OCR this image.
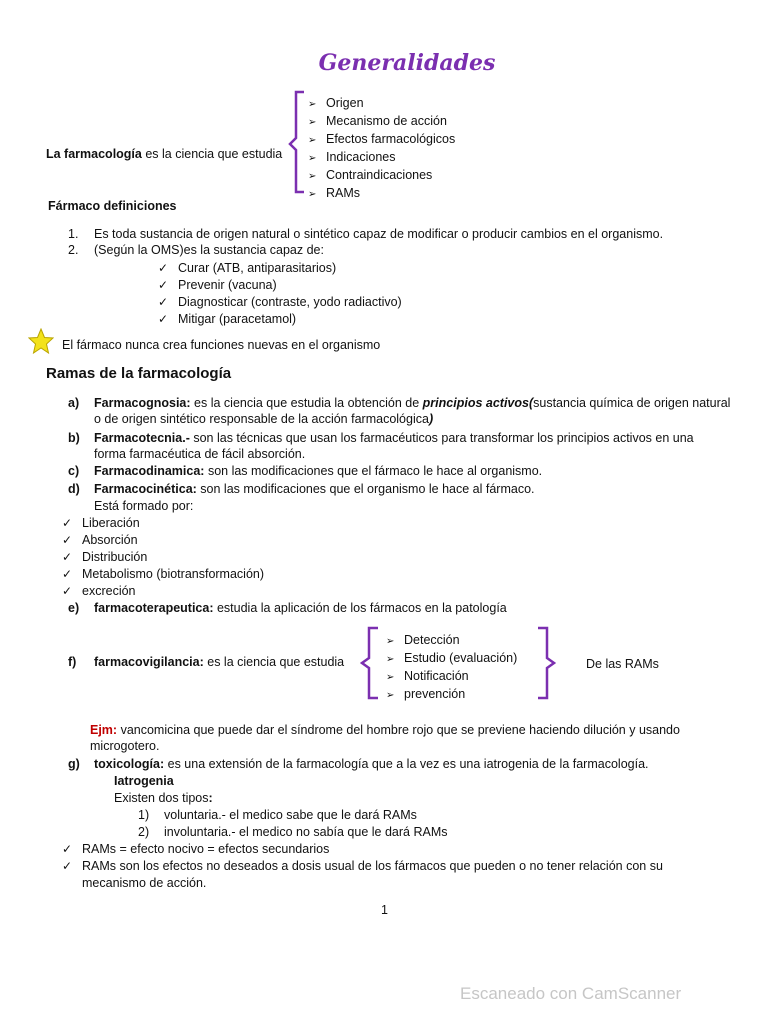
Generalidades
La farmacología es la ciencia que estudia
➢ Origen
➢ Mecanismo de acción
➢ Efectos farmacológicos
➢ Indicaciones
➢ Contraindicaciones
➢ RAMs
Fármaco definiciones
1. Es toda sustancia de origen natural o sintético capaz de modificar o producir cambios en el organismo.
2. (Según la OMS)es la sustancia capaz de:
✓ Curar (ATB, antiparasitarios)
✓ Prevenir (vacuna)
✓ Diagnosticar (contraste, yodo radiactivo)
✓ Mitigar (paracetamol)
El fármaco nunca crea funciones nuevas en el organismo
Ramas de la farmacología
a) Farmacognosia: es la ciencia que estudia la obtención de principios activos(sustancia química de origen natural
o de origen sintético responsable de la acción farmacológica)
b) Farmacotecnia.- son las técnicas que usan los farmacéuticos para transformar los principios activos en una
forma farmacéutica de fácil absorción.
c) Farmacodinamica: son las modificaciones que el fármaco le hace al organismo.
d) Farmacocinética: son las modificaciones que el organismo le hace al fármaco.
Está formado por:
✓ Liberación
✓ Absorción
✓ Distribución
✓ Metabolismo (biotransformación)
✓ excreción
e) farmacoterapeutica: estudia la aplicación de los fármacos en la patología
f) farmacovigilancia: es la ciencia que estudia
➢ Detección
➢ Estudio (evaluación)
➢ Notificación
➢ prevención
De las RAMs
Ejm: vancomicina que puede dar el síndrome del hombre rojo que se previene haciendo dilución y usando
microgotero.
g) toxicología: es una extensión de la farmacología que a la vez es una iatrogenia de la farmacología.
Iatrogenia
Existen dos tipos:
1) voluntaria.- el medico sabe que le dará RAMs
2) involuntaria.- el medico no sabía que le dará RAMs
✓ RAMs = efecto nocivo = efectos secundarios
✓ RAMs son los efectos no deseados a dosis usual de los fármacos que pueden o no tener relación con su
mecanismo de acción.
1
Escaneado con CamScanner
